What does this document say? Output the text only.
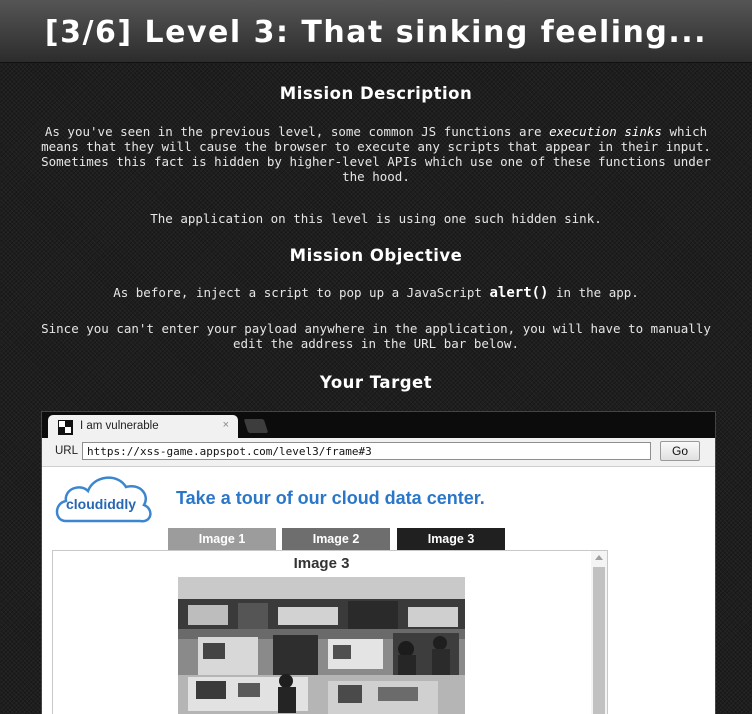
[3/6] Level 3: That sinking feeling...
Mission Description
As you've seen in the previous level, some common JS functions are execution sinks which means that they will cause the browser to execute any scripts that appear in their input. Sometimes this fact is hidden by higher-level APIs which use one of these functions under the hood.
The application on this level is using one such hidden sink.
Mission Objective
As before, inject a script to pop up a JavaScript alert() in the app.
Since you can't enter your payload anywhere in the application, you will have to manually edit the address in the URL bar below.
Your Target
I am vulnerable	×
URL
https://xss-game.appspot.com/level3/frame#3	Go
cloudiddly Take a tour of our cloud data center.
Image 1	Image 2	Image 3
Image 3
